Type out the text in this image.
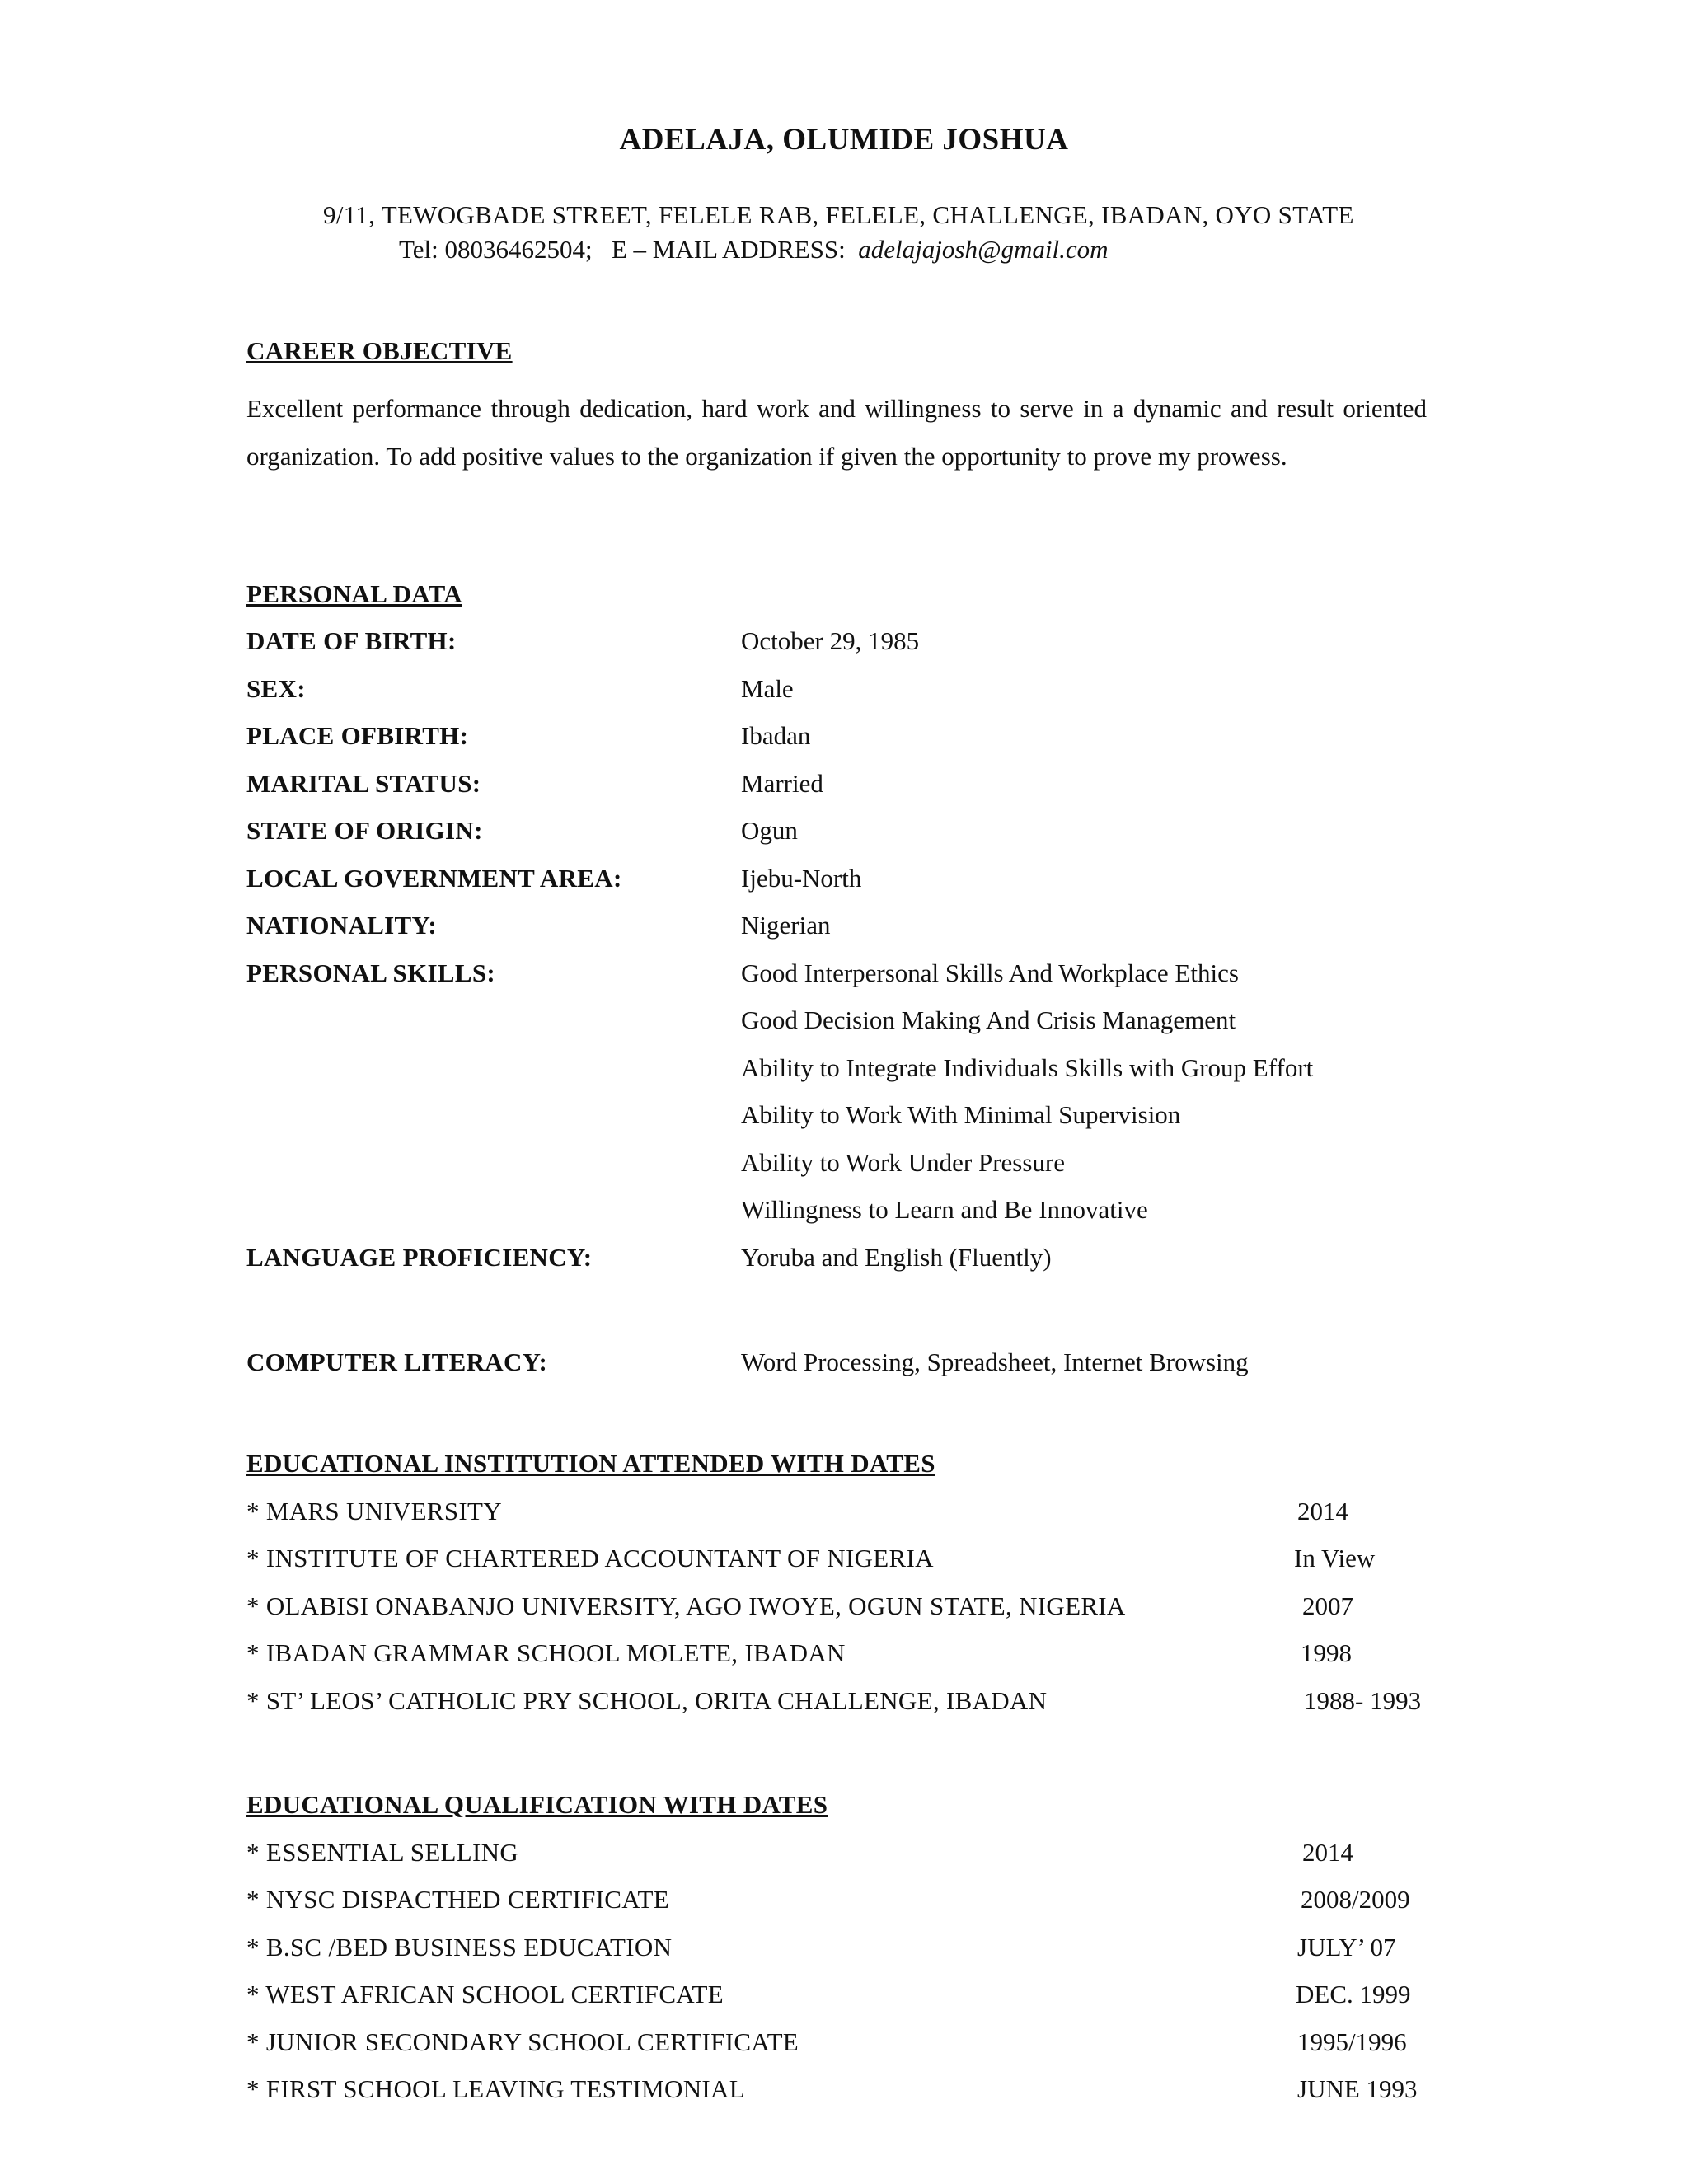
ADELAJA, OLUMIDE JOSHUA
9/11, TEWOGBADE STREET, FELELE RAB, FELELE, CHALLENGE, IBADAN, OYO STATE
Tel: 08036462504; E – MAIL ADDRESS: adelajajosh@gmail.com
CAREER OBJECTIVE
Excellent performance through dedication, hard work and willingness to serve in a dynamic and result oriented organization. To add positive values to the organization if given the opportunity to prove my prowess.
PERSONAL DATA
DATE OF BIRTH:	October 29, 1985
SEX:	Male
PLACE OFBIRTH:	Ibadan
MARITAL STATUS:	Married
STATE OF ORIGIN:	Ogun
LOCAL GOVERNMENT AREA:	Ijebu-North
NATIONALITY:	Nigerian
PERSONAL SKILLS:	Good Interpersonal Skills And Workplace Ethics
Good Decision Making And Crisis Management
Ability to Integrate Individuals Skills with Group Effort
Ability to Work With Minimal Supervision
Ability to Work Under Pressure
Willingness to Learn and Be Innovative
LANGUAGE PROFICIENCY:	Yoruba and English (Fluently)
COMPUTER LITERACY:	Word Processing, Spreadsheet, Internet Browsing
EDUCATIONAL INSTITUTION ATTENDED WITH DATES
* MARS UNIVERSITY	2014
* INSTITUTE OF CHARTERED ACCOUNTANT OF NIGERIA	In View
* OLABISI ONABANJO UNIVERSITY, AGO IWOYE, OGUN STATE, NIGERIA	2007
* IBADAN GRAMMAR SCHOOL MOLETE, IBADAN	1998
* ST’ LEOS’ CATHOLIC PRY SCHOOL, ORITA CHALLENGE, IBADAN	1988- 1993
EDUCATIONAL QUALIFICATION WITH DATES
* ESSENTIAL SELLING	2014
* NYSC DISPACTHED CERTIFICATE	2008/2009
* B.SC /BED BUSINESS EDUCATION	JULY’ 07
* WEST AFRICAN SCHOOL CERTIFCATE	DEC. 1999
* JUNIOR SECONDARY SCHOOL CERTIFICATE	1995/1996
* FIRST SCHOOL LEAVING TESTIMONIAL	JUNE 1993
